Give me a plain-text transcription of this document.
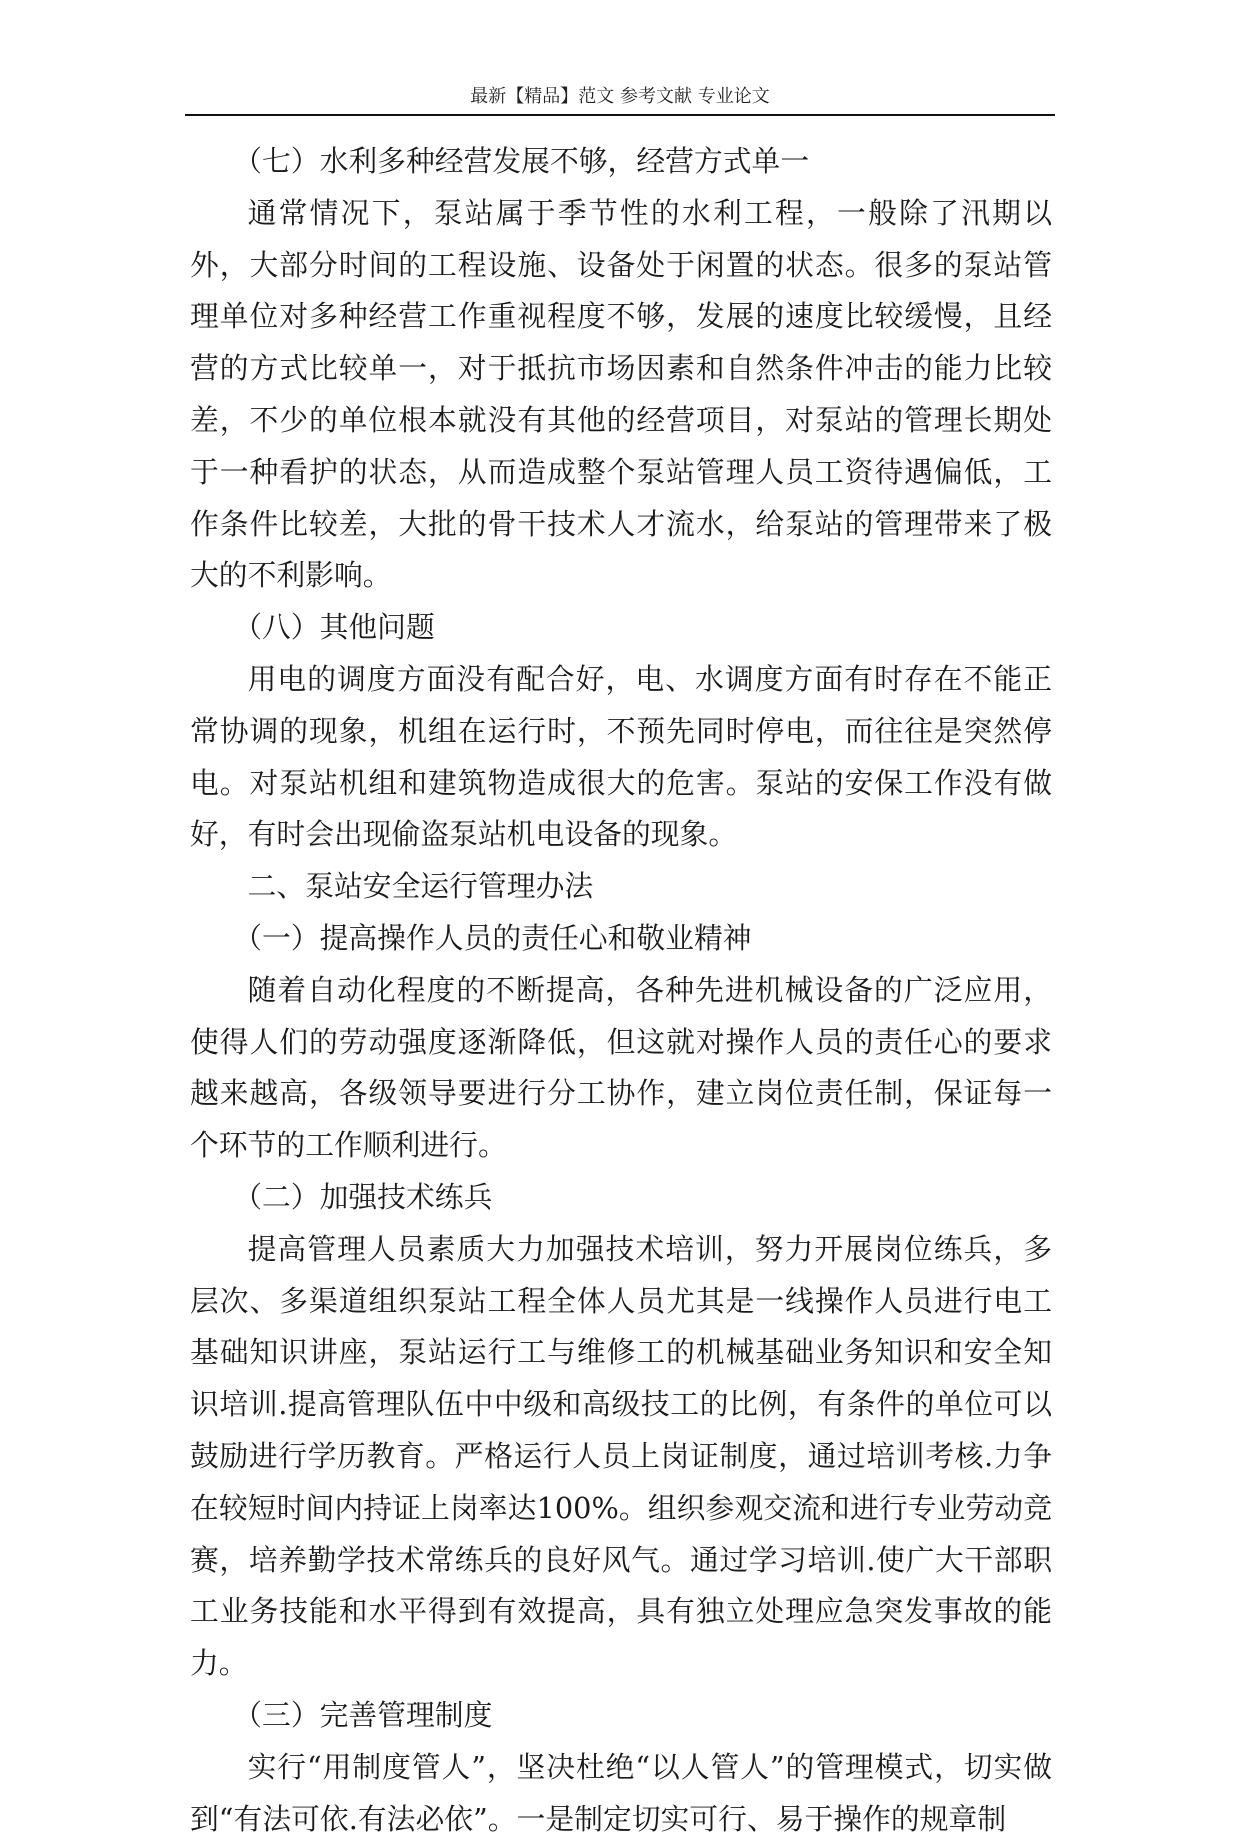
最新【精品】范文 参考文献 专业论文

（七）水利多种经营发展不够，经营方式单一

通常情况下，泵站属于季节性的水利工程，一般除了汛期以外，大部分时间的工程设施、设备处于闲置的状态。很多的泵站管理单位对多种经营工作重视程度不够，发展的速度比较缓慢，且经营的方式比较单一，对于抵抗市场因素和自然条件冲击的能力比较差，不少的单位根本就没有其他的经营项目，对泵站的管理长期处于一种看护的状态，从而造成整个泵站管理人员工资待遇偏低，工作条件比较差，大批的骨干技术人才流水，给泵站的管理带来了极大的不利影响。

（八）其他问题

用电的调度方面没有配合好，电、水调度方面有时存在不能正常协调的现象，机组在运行时，不预先同时停电，而往往是突然停电。对泵站机组和建筑物造成很大的危害。泵站的安保工作没有做好，有时会出现偷盗泵站机电设备的现象。

二、泵站安全运行管理办法

（一）提高操作人员的责任心和敬业精神

随着自动化程度的不断提高，各种先进机械设备的广泛应用，使得人们的劳动强度逐渐降低，但这就对操作人员的责任心的要求越来越高，各级领导要进行分工协作，建立岗位责任制，保证每一个环节的工作顺利进行。

（二）加强技术练兵

提高管理人员素质大力加强技术培训，努力开展岗位练兵，多层次、多渠道组织泵站工程全体人员尤其是一线操作人员进行电工基础知识讲座，泵站运行工与维修工的机械基础业务知识和安全知识培训.提高管理队伍中中级和高级技工的比例，有条件的单位可以鼓励进行学历教育。严格运行人员上岗证制度，通过培训考核.力争在较短时间内持证上岗率达100%。组织参观交流和进行专业劳动竞赛，培养勤学技术常练兵的良好风气。通过学习培训.使广大干部职工业务技能和水平得到有效提高，具有独立处理应急突发事故的能力。

（三）完善管理制度

实行“用制度管人”，坚决杜绝“以人管人”的管理模式，切实做到“有法可依.有法必依”。一是制定切实可行、易于操作的规章制
